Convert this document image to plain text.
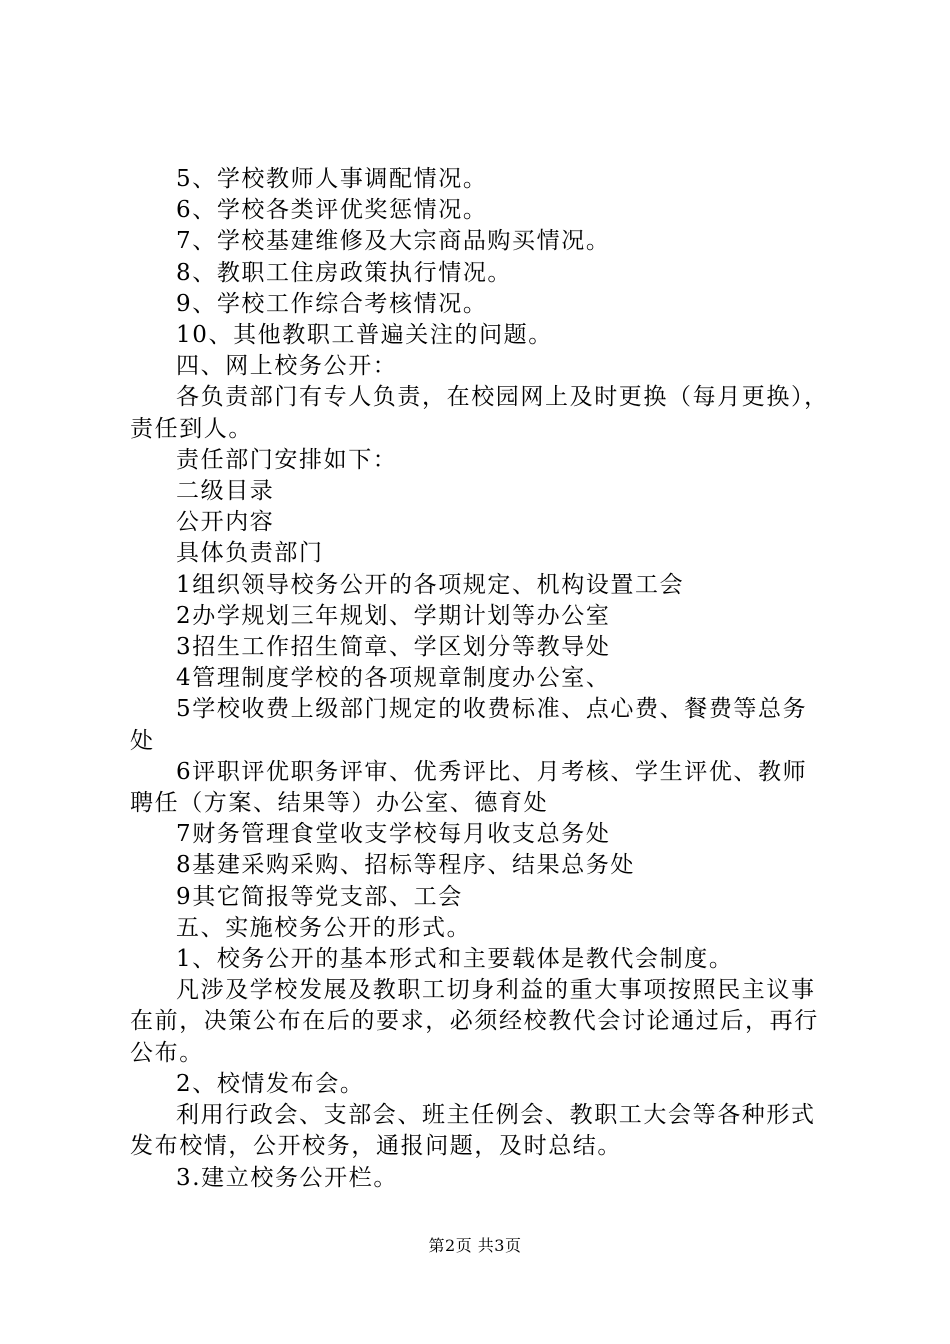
5、学校教师人事调配情况。

6、学校各类评优奖惩情况。

7、学校基建维修及大宗商品购买情况。

8、教职工住房政策执行情况。

9、学校工作综合考核情况。

10、其他教职工普遍关注的问题。

四、网上校务公开：

各负责部门有专人负责，在校园网上及时更换（每月更换），责任到人。

责任部门安排如下：

二级目录

公开内容

具体负责部门

1组织领导校务公开的各项规定、机构设置工会

2办学规划三年规划、学期计划等办公室

3招生工作招生简章、学区划分等教导处

4管理制度学校的各项规章制度办公室、

5学校收费上级部门规定的收费标准、点心费、餐费等总务处

6评职评优职务评审、优秀评比、月考核、学生评优、教师聘任（方案、结果等）办公室、德育处

7财务管理食堂收支学校每月收支总务处

8基建采购采购、招标等程序、结果总务处

9其它简报等党支部、工会

五、实施校务公开的形式。

1、校务公开的基本形式和主要载体是教代会制度。

凡涉及学校发展及教职工切身利益的重大事项按照民主议事在前，决策公布在后的要求，必须经校教代会讨论通过后，再行公布。

2、校情发布会。

利用行政会、支部会、班主任例会、教职工大会等各种形式发布校情，公开校务，通报问题，及时总结。

3.建立校务公开栏。

第2页 共3页
